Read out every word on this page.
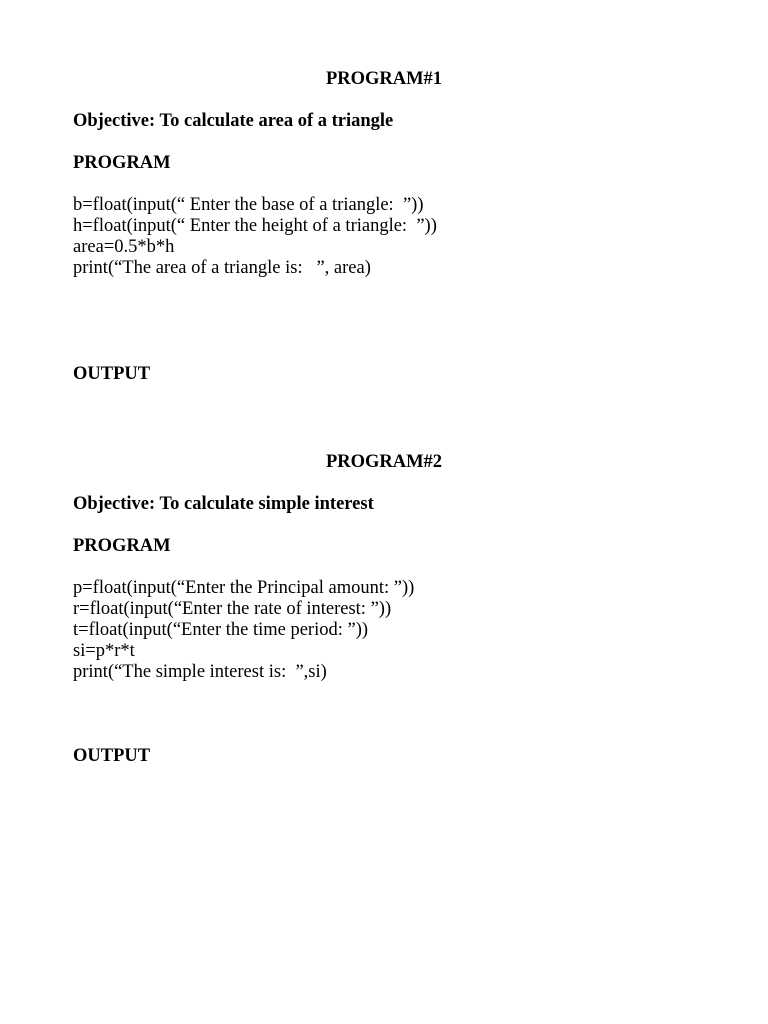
PROGRAM#1
Objective: To calculate area of a triangle
PROGRAM
b=float(input(“ Enter the base of a triangle:  ”))
h=float(input(“ Enter the height of a triangle:  ”))
area=0.5*b*h
print(“The area of a triangle is:   ”, area)
OUTPUT
PROGRAM#2
Objective: To calculate simple interest
PROGRAM
p=float(input(“Enter the Principal amount: ”))
r=float(input(“Enter the rate of interest: ”))
t=float(input(“Enter the time period: ”))
si=p*r*t
print(“The simple interest is:  ”,si)
OUTPUT
